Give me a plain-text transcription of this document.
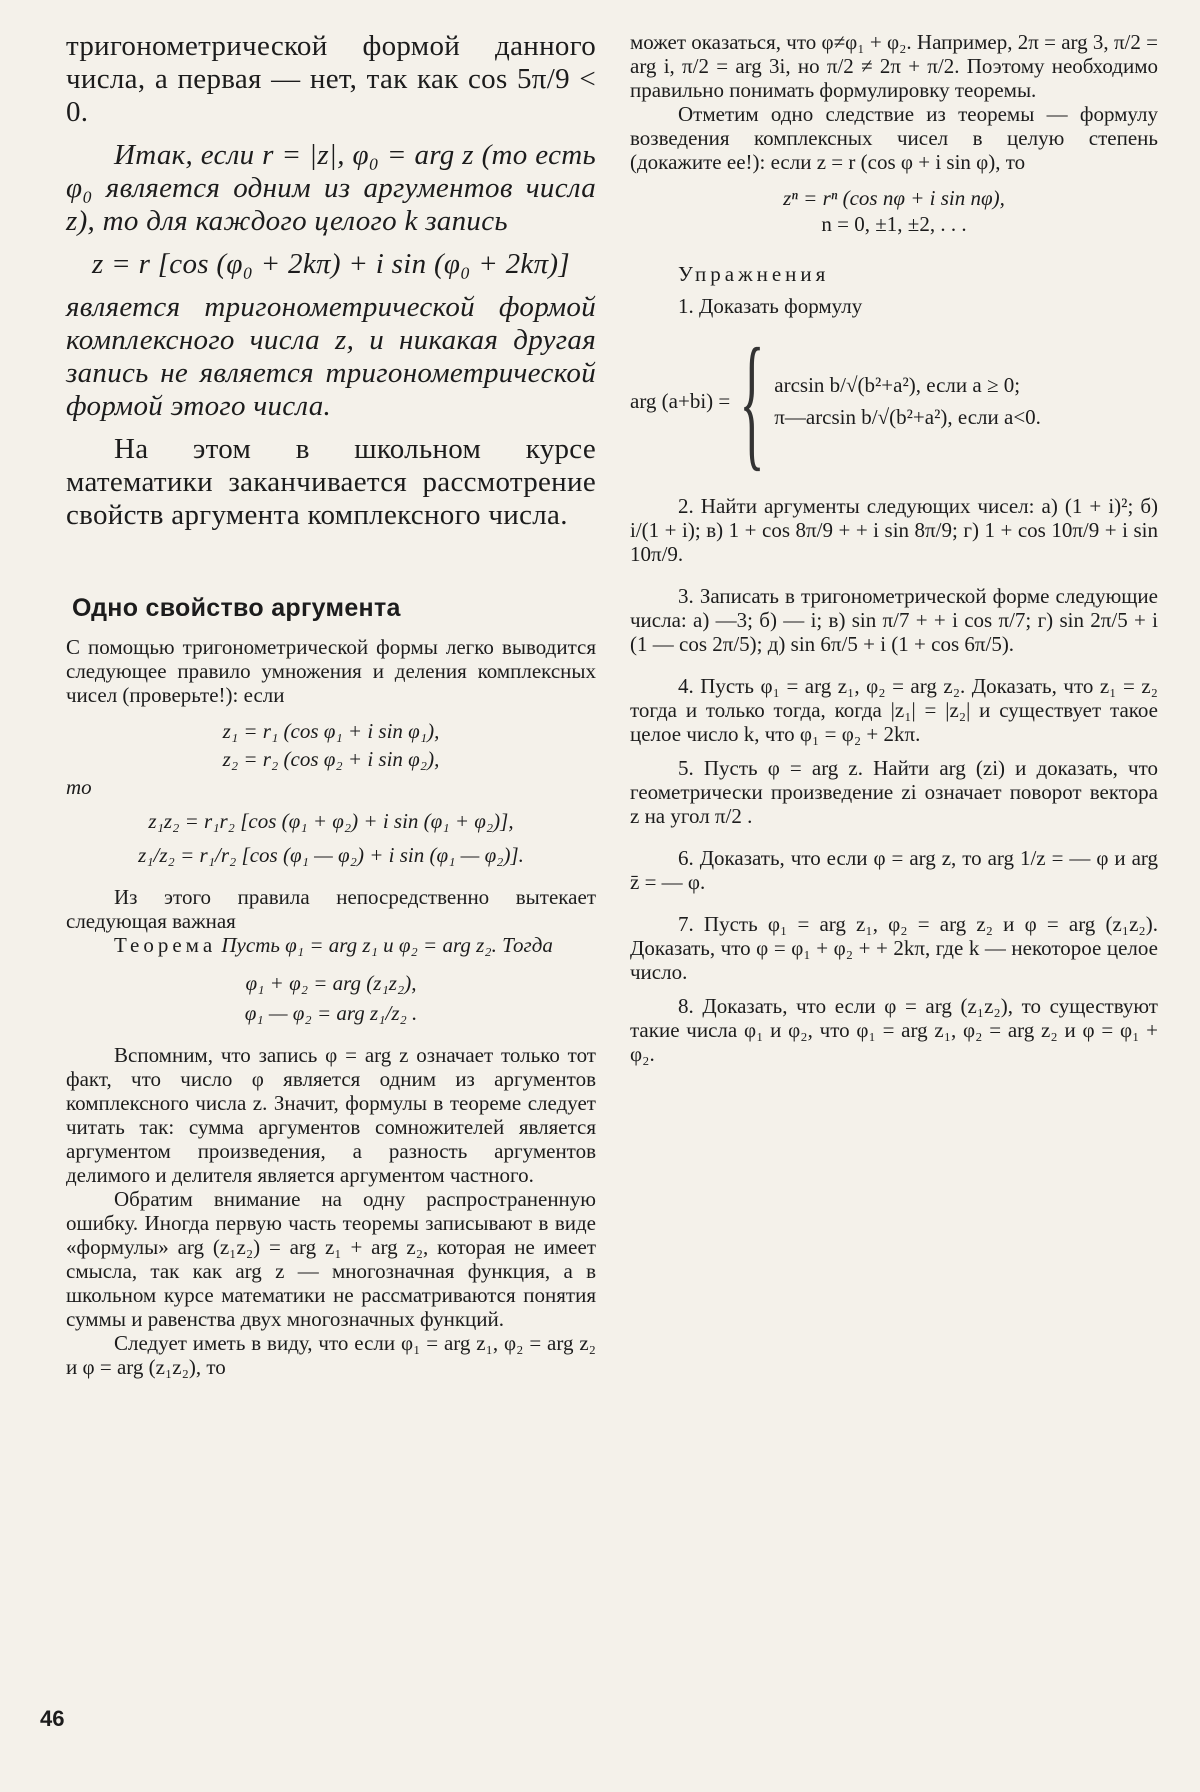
тригонометрической формой данного числа, а первая — нет, так как cos 5π/9 < 0.

Итак, если r = |z|, φ₀ = arg z (то есть φ₀ является одним из аргументов числа z), то для каждого целого k запись

z = r [cos (φ₀ + 2kπ) + i sin (φ₀ + 2kπ)]

является тригонометрической формой комплексного числа z, и никакая другая запись не является тригонометрической формой этого числа.

На этом в школьном курсе математики заканчивается рассмотрение свойств аргумента комплексного числа.

Одно свойство аргумента

С помощью тригонометрической формы легко выводится следующее правило умножения и деления комплексных чисел (проверьте!): если

z₁ = r₁ (cos φ₁ + i sin φ₁),

z₂ = r₂ (cos φ₂ + i sin φ₂),

то

z₁z₂ = r₁r₂ [cos (φ₁ + φ₂) + i sin (φ₁ + φ₂)],

z₁/z₂ = r₁/r₂ [cos (φ₁ — φ₂) + i sin (φ₁ — φ₂)].

Из этого правила непосредственно вытекает следующая важная

Теорема Пусть φ₁ = arg z₁ и φ₂ = arg z₂. Тогда

φ₁ + φ₂ = arg (z₁z₂),

φ₁ — φ₂ = arg z₁/z₂ .

Вспомним, что запись φ = arg z означает только тот факт, что число φ является одним из аргументов комплексного числа z. Значит, формулы в теореме следует читать так: сумма аргументов сомножителей является аргументом произведения, а разность аргументов делимого и делителя является аргументом частного.

Обратим внимание на одну распространенную ошибку. Иногда первую часть теоремы записывают в виде «формулы» arg (z₁z₂) = arg z₁ + arg z₂, которая не имеет смысла, так как arg z — многозначная функция, а в школьном курсе математики не рассматриваются понятия суммы и равенства двух многозначных функций.

Следует иметь в виду, что если φ₁ = arg z₁, φ₂ = arg z₂ и φ = arg (z₁z₂), то

может оказаться, что φ≠φ₁ + φ₂. Например, 2π = arg 3, π/2 = arg i, π/2 = arg 3i, но π/2 ≠ 2π + π/2. Поэтому необходимо правильно понимать формулировку теоремы.

Отметим одно следствие из теоремы — формулу возведения комплексных чисел в целую степень (докажите ее!): если z = r (cos φ + i sin φ), то

zⁿ = rⁿ (cos nφ + i sin nφ),

n = 0, ±1, ±2, . . .

Упражнения

1. Доказать формулу

arg (a+bi) = { arcsin b/√(b²+a²), если a ≥ 0;
π—arcsin b/√(b²+a²), если a<0.

2. Найти аргументы следующих чисел: а) (1 + i)²; б) i/(1 + i); в) 1 + cos 8π/9 + + i sin 8π/9; г) 1 + cos 10π/9 + i sin 10π/9.

3. Записать в тригонометрической форме следующие числа: а) —3; б) — i; в) sin π/7 + + i cos π/7; г) sin 2π/5 + i (1 — cos 2π/5); д) sin 6π/5 + i (1 + cos 6π/5).

4. Пусть φ₁ = arg z₁, φ₂ = arg z₂. Доказать, что z₁ = z₂ тогда и только тогда, когда |z₁| = |z₂| и существует такое целое число k, что φ₁ = φ₂ + 2kπ.

5. Пусть φ = arg z. Найти arg (zi) и доказать, что геометрически произведение zi означает поворот вектора z на угол π/2 .

6. Доказать, что если φ = arg z, то arg 1/z = — φ и arg z̄ = — φ.

7. Пусть φ₁ = arg z₁, φ₂ = arg z₂ и φ = arg (z₁z₂). Доказать, что φ = φ₁ + φ₂ + + 2kπ, где k — некоторое целое число.

8. Доказать, что если φ = arg (z₁z₂), то существуют такие числа φ₁ и φ₂, что φ₁ = arg z₁, φ₂ = arg z₂ и φ = φ₁ + φ₂.

46
